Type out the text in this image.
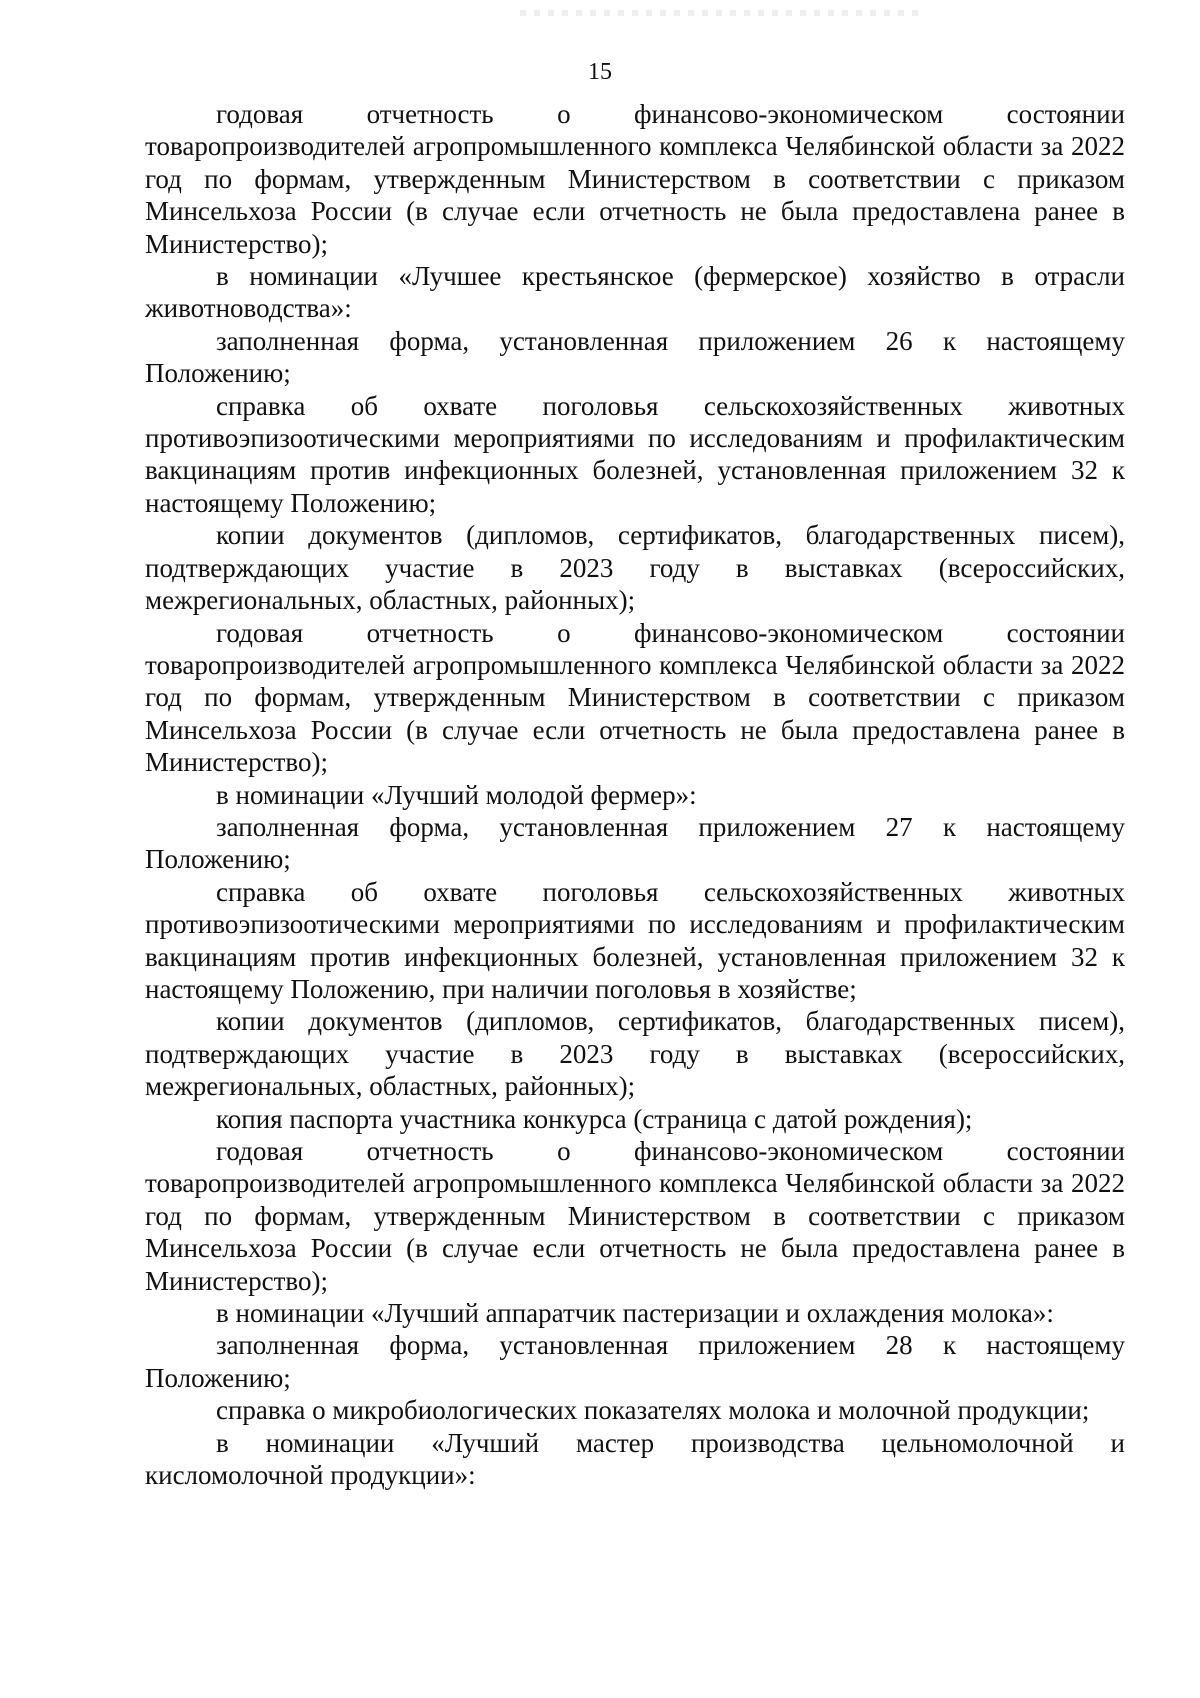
15

годовая отчетность о финансово-экономическом состоянии товаропроизводителей агропромышленного комплекса Челябинской области за 2022 год по формам, утвержденным Министерством в соответствии с приказом Минсельхоза России (в случае если отчетность не была предоставлена ранее в Министерство);

в номинации «Лучшее крестьянское (фермерское) хозяйство в отрасли животноводства»:

заполненная форма, установленная приложением 26 к настоящему Положению;

справка об охвате поголовья сельскохозяйственных животных противоэпизоотическими мероприятиями по исследованиям и профилактическим вакцинациям против инфекционных болезней, установленная приложением 32 к настоящему Положению;

копии документов (дипломов, сертификатов, благодарственных писем), подтверждающих участие в 2023 году в выставках (всероссийских, межрегиональных, областных, районных);

годовая отчетность о финансово-экономическом состоянии товаропроизводителей агропромышленного комплекса Челябинской области за 2022 год по формам, утвержденным Министерством в соответствии с приказом Минсельхоза России (в случае если отчетность не была предоставлена ранее в Министерство);

в номинации «Лучший молодой фермер»:

заполненная форма, установленная приложением 27 к настоящему Положению;

справка об охвате поголовья сельскохозяйственных животных противоэпизоотическими мероприятиями по исследованиям и профилактическим вакцинациям против инфекционных болезней, установленная приложением 32 к настоящему Положению, при наличии поголовья в хозяйстве;

копии документов (дипломов, сертификатов, благодарственных писем), подтверждающих участие в 2023 году в выставках (всероссийских, межрегиональных, областных, районных);

копия паспорта участника конкурса (страница с датой рождения);

годовая отчетность о финансово-экономическом состоянии товаропроизводителей агропромышленного комплекса Челябинской области за 2022 год по формам, утвержденным Министерством в соответствии с приказом Минсельхоза России (в случае если отчетность не была предоставлена ранее в Министерство);

в номинации «Лучший аппаратчик пастеризации и охлаждения молока»:

заполненная форма, установленная приложением 28 к настоящему Положению;

справка о микробиологических показателях молока и молочной продукции;

в номинации «Лучший мастер производства цельномолочной и кисломолочной продукции»:
